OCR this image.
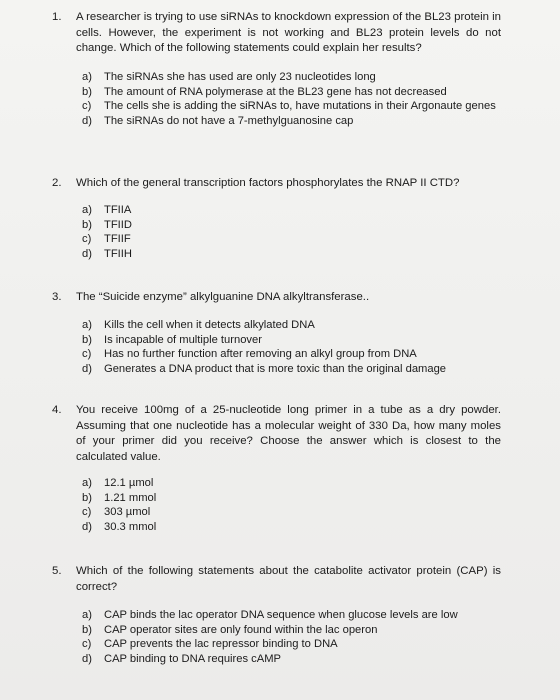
1. A researcher is trying to use siRNAs to knockdown expression of the BL23 protein in cells. However, the experiment is not working and BL23 protein levels do not change. Which of the following statements could explain her results?
a) The siRNAs she has used are only 23 nucleotides long
b) The amount of RNA polymerase at the BL23 gene has not decreased
c) The cells she is adding the siRNAs to, have mutations in their Argonaute genes
d) The siRNAs do not have a 7-methylguanosine cap
2. Which of the general transcription factors phosphorylates the RNAP II CTD?
a) TFIIA
b) TFIID
c) TFIIF
d) TFIIH
3. The “Suicide enzyme” alkylguanine DNA alkyltransferase..
a) Kills the cell when it detects alkylated DNA
b) Is incapable of multiple turnover
c) Has no further function after removing an alkyl group from DNA
d) Generates a DNA product that is more toxic than the original damage
4. You receive 100mg of a 25-nucleotide long primer in a tube as a dry powder. Assuming that one nucleotide has a molecular weight of 330 Da, how many moles of your primer did you receive? Choose the answer which is closest to the calculated value.
a) 12.1 µmol
b) 1.21 mmol
c) 303 µmol
d) 30.3 mmol
5. Which of the following statements about the catabolite activator protein (CAP) is correct?
a) CAP binds the lac operator DNA sequence when glucose levels are low
b) CAP operator sites are only found within the lac operon
c) CAP prevents the lac repressor binding to DNA
d) CAP binding to DNA requires cAMP
